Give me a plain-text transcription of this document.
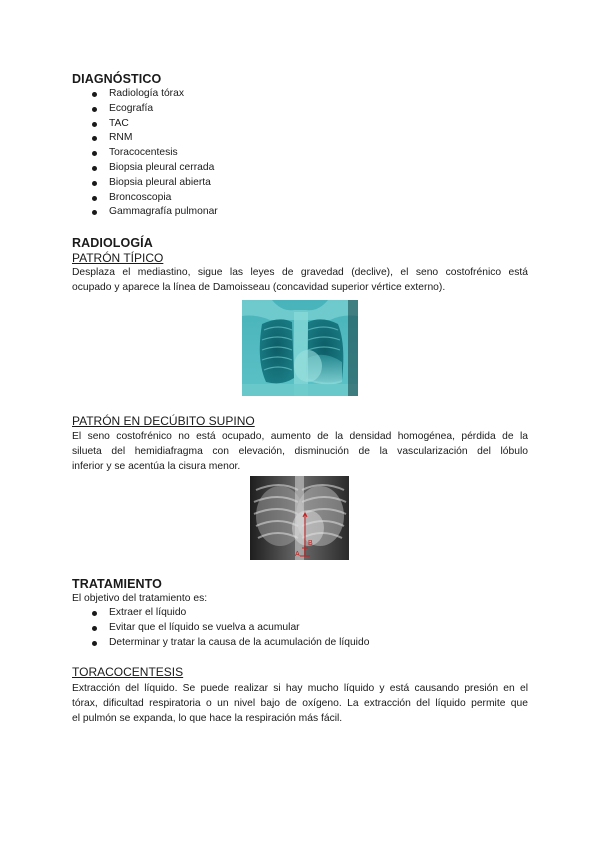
DIAGNÓSTICO
Radiología tórax
Ecografía
TAC
RNM
Toracocentesis
Biopsia pleural cerrada
Biopsia pleural abierta
Broncoscopia
Gammagrafía pulmonar
RADIOLOGÍA
PATRÓN TÍPICO
Desplaza el mediastino, sigue las leyes de gravedad (declive), el seno costofrénico está
ocupado y aparece la línea de Damoisseau (concavidad superior vértice externo).
PATRÓN EN DECÚBITO SUPINO
El seno costofrénico no está ocupado, aumento de la densidad homogénea, pérdida de la
silueta del hemidiafragma con elevación, disminución de la vascularización del lóbulo
inferior y se acentúa la cisura menor.
B
A
TRATAMIENTO
El objetivo del tratamiento es:
Extraer el líquido
Evitar que el líquido se vuelva a acumular
Determinar y tratar la causa de la acumulación de líquido
TORACOCENTESIS
Extracción del líquido. Se puede realizar si hay mucho líquido y está causando presión en el
tórax, dificultad respiratoria o un nivel bajo de oxígeno. La extracción del líquido permite que
el pulmón se expanda, lo que hace la respiración más fácil.
